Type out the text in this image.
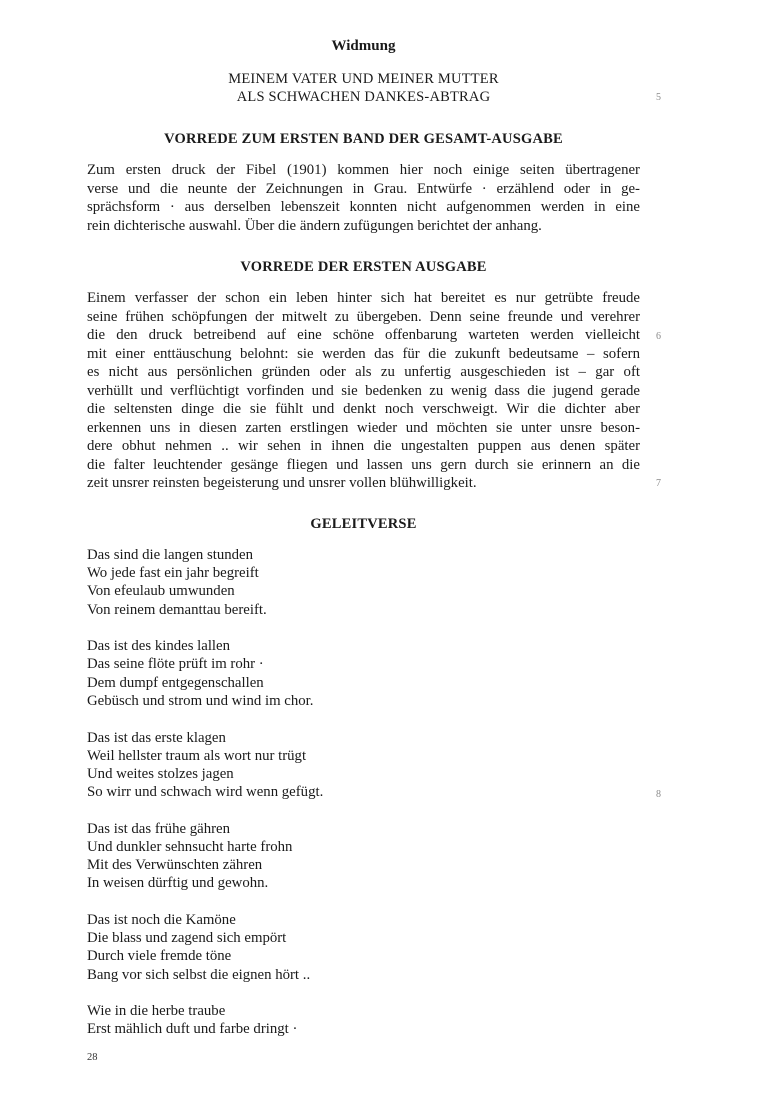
Widmung
MEINEM VATER UND MEINER MUTTER
ALS SCHWACHEN DANKES-ABTRAG
VORREDE ZUM ERSTEN BAND DER GESAMT-AUSGABE
Zum ersten druck der Fibel (1901) kommen hier noch einige seiten übertragener
verse und die neunte der Zeichnungen in Grau. Entwürfe · erzählend oder in ge-
sprächsform · aus derselben lebenszeit konnten nicht aufgenommen werden in eine
rein dichterische auswahl. Über die ändern zufügungen berichtet der anhang.
VORREDE DER ERSTEN AUSGABE
Einem verfasser der schon ein leben hinter sich hat bereitet es nur getrübte freude
seine frühen schöpfungen der mitwelt zu übergeben. Denn seine freunde und verehrer
die den druck betreibend auf eine schöne offenbarung warteten werden vielleicht
mit einer enttäuschung belohnt: sie werden das für die zukunft bedeutsame – sofern
es nicht aus persönlichen gründen oder als zu unfertig ausgeschieden ist – gar oft
verhüllt und verflüchtigt vorfinden und sie bedenken zu wenig dass die jugend gerade
die seltensten dinge die sie fühlt und denkt noch verschweigt. Wir die dichter aber
erkennen uns in diesen zarten erstlingen wieder und möchten sie unter unsre beson-
dere obhut nehmen .. wir sehen in ihnen die ungestalten puppen aus denen später
die falter leuchtender gesänge fliegen und lassen uns gern durch sie erinnern an die
zeit unsrer reinsten begeisterung und unsrer vollen blühwilligkeit.
GELEITVERSE
Das sind die langen stunden
Wo jede fast ein jahr begreift
Von efeulaub umwunden
Von reinem demanttau bereift.
Das ist des kindes lallen
Das seine flöte prüft im rohr ·
Dem dumpf entgegenschallen
Gebüsch und strom und wind im chor.
Das ist das erste klagen
Weil hellster traum als wort nur trügt
Und weites stolzes jagen
So wirr und schwach wird wenn gefügt.
Das ist das frühe gähren
Und dunkler sehnsucht harte frohn
Mit des Verwünschten zähren
In weisen dürftig und gewohn.
Das ist noch die Kamöne
Die blass und zagend sich empört
Durch viele fremde töne
Bang vor sich selbst die eignen hört ..
Wie in die herbe traube
Erst mählich duft und farbe dringt ·
5
6
7
8
28
